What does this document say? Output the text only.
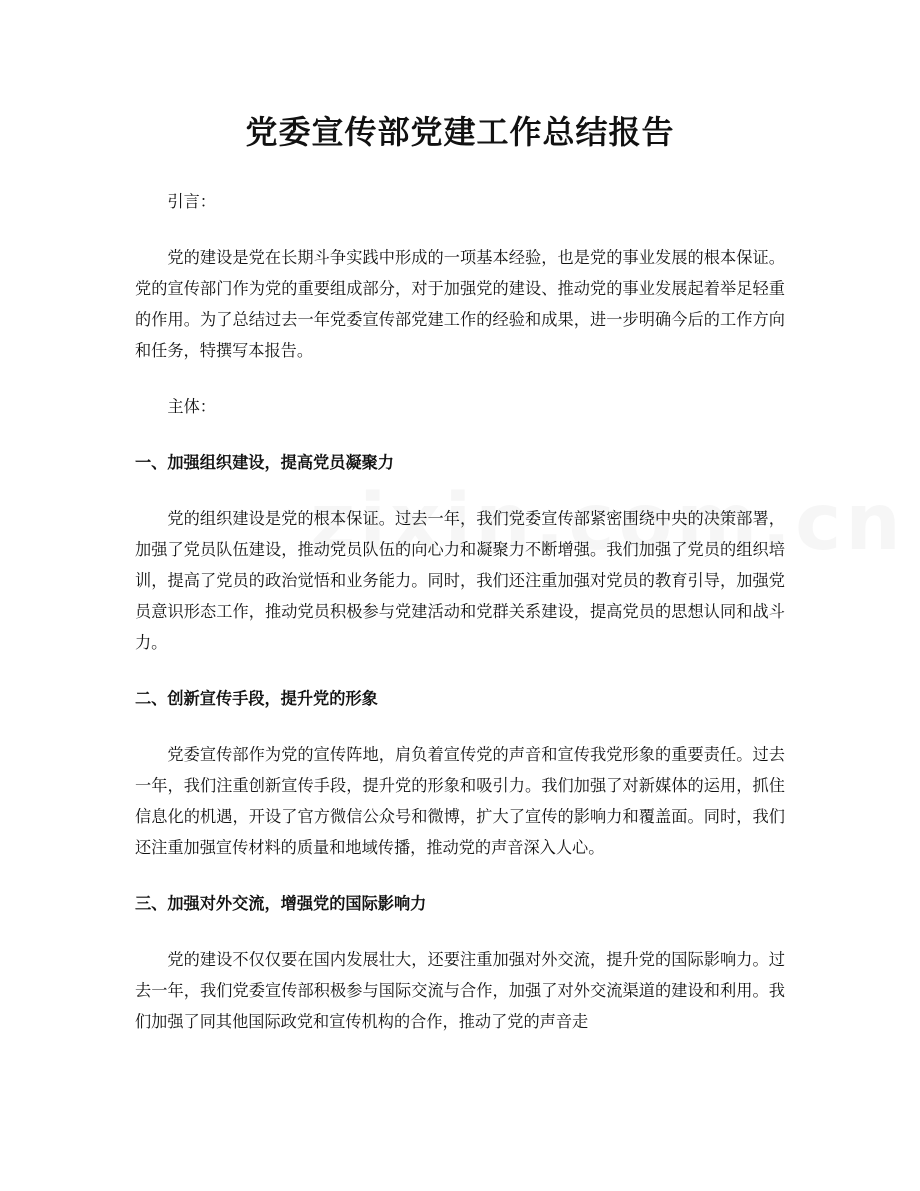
党委宣传部党建工作总结报告

引言：

党的建设是党在长期斗争实践中形成的一项基本经验，也是党的事业发展的根本保证。党的宣传部门作为党的重要组成部分，对于加强党的建设、推动党的事业发展起着举足轻重的作用。为了总结过去一年党委宣传部党建工作的经验和成果，进一步明确今后的工作方向和任务，特撰写本报告。

主体：

一、加强组织建设，提高党员凝聚力

党的组织建设是党的根本保证。过去一年，我们党委宣传部紧密围绕中央的决策部署，加强了党员队伍建设，推动党员队伍的向心力和凝聚力不断增强。我们加强了党员的组织培训，提高了党员的政治觉悟和业务能力。同时，我们还注重加强对党员的教育引导，加强党员意识形态工作，推动党员积极参与党建活动和党群关系建设，提高党员的思想认同和战斗力。

二、创新宣传手段，提升党的形象

党委宣传部作为党的宣传阵地，肩负着宣传党的声音和宣传我党形象的重要责任。过去一年，我们注重创新宣传手段，提升党的形象和吸引力。我们加强了对新媒体的运用，抓住信息化的机遇，开设了官方微信公众号和微博，扩大了宣传的影响力和覆盖面。同时，我们还注重加强宣传材料的质量和地域传播，推动党的声音深入人心。

三、加强对外交流，增强党的国际影响力

党的建设不仅仅要在国内发展壮大，还要注重加强对外交流，提升党的国际影响力。过去一年，我们党委宣传部积极参与国际交流与合作，加强了对外交流渠道的建设和利用。我们加强了同其他国际政党和宣传机构的合作，推动了党的声音走
